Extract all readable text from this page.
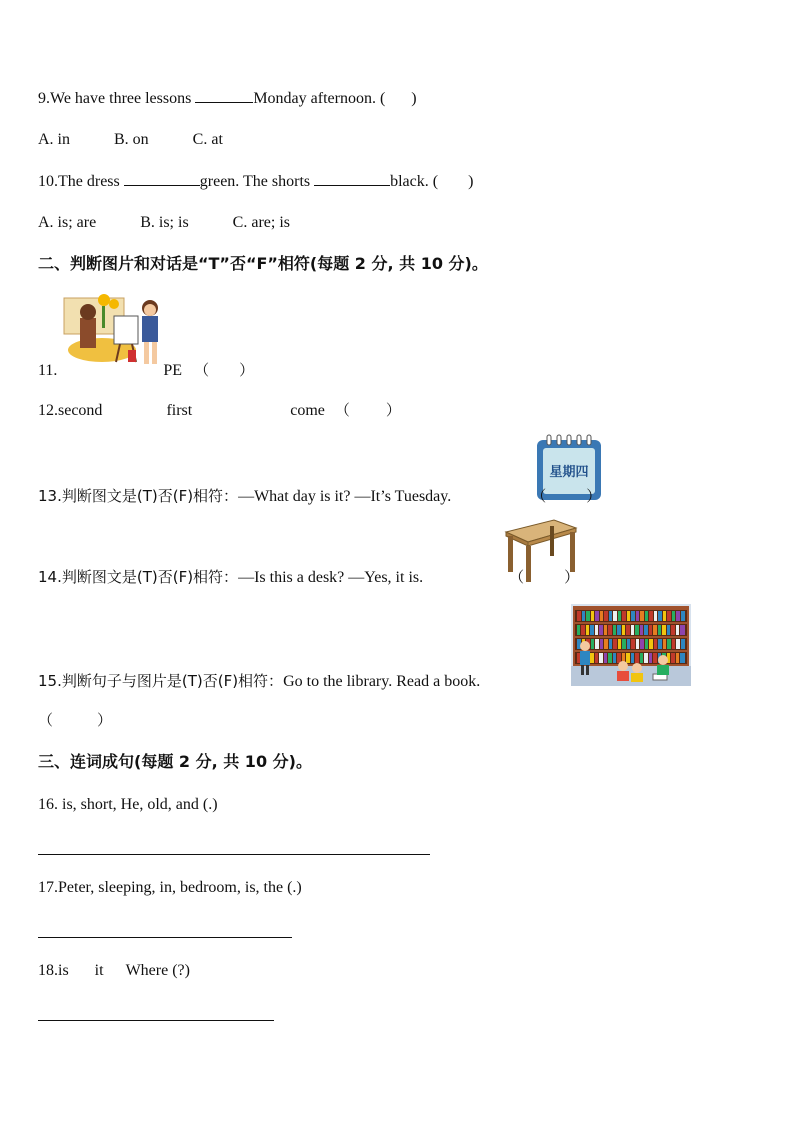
9.We have three lessons	Monday afternoon. ( )
A. in	B. on	C. at
10.The dress	green. The shorts	black. ( )
A. is; are	B. is; is	C. are; is
二、判断图片和对话是“T”否“F”相符(每题 2 分, 共 10 分)。
11.	PE （ ）
12.second	first	come （ ）
星期四
13.判断图文是(T)否(F)相符：—What day is it? —It’s Tuesday.	（	）
14.判断图文是(T)否(F)相符：—Is this a desk? —Yes, it is.	（	）
15.判断句子与图片是(T)否(F)相符：Go to the library. Read a book.
（	）
三、连词成句(每题 2 分, 共 10 分)。
16. is, short, He, old, and (.)
17.Peter, sleeping, in, bedroom, is, the (.)
18.is it Where (?)
